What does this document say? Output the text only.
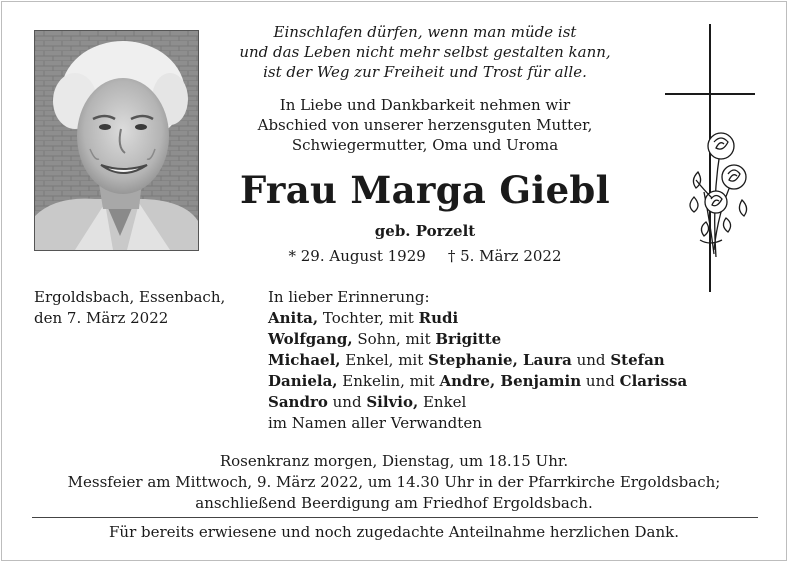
Einschlafen dürfen, wenn man müde ist
und das Leben nicht mehr selbst gestalten kann,
ist der Weg zur Freiheit und Trost für alle.
In Liebe und Dankbarkeit nehmen wir
Abschied von unserer herzensguten Mutter,
Schwiegermutter, Oma und Uroma
Frau Marga Giebl
geb. Porzelt
* 29. August 1929 † 5. März 2022
Ergoldsbach, Essenbach,
den 7. März 2022
In lieber Erinnerung:
Anita, Tochter, mit Rudi
Wolfgang, Sohn, mit Brigitte
Michael, Enkel, mit Stephanie, Laura und Stefan
Daniela, Enkelin, mit Andre, Benjamin und Clarissa
Sandro und Silvio, Enkel
im Namen aller Verwandten
Rosenkranz morgen, Dienstag, um 18.15 Uhr.
Messfeier am Mittwoch, 9. März 2022, um 14.30 Uhr in der Pfarrkirche Ergoldsbach;
anschließend Beerdigung am Friedhof Ergoldsbach.
Für bereits erwiesene und noch zugedachte Anteilnahme herzlichen Dank.
